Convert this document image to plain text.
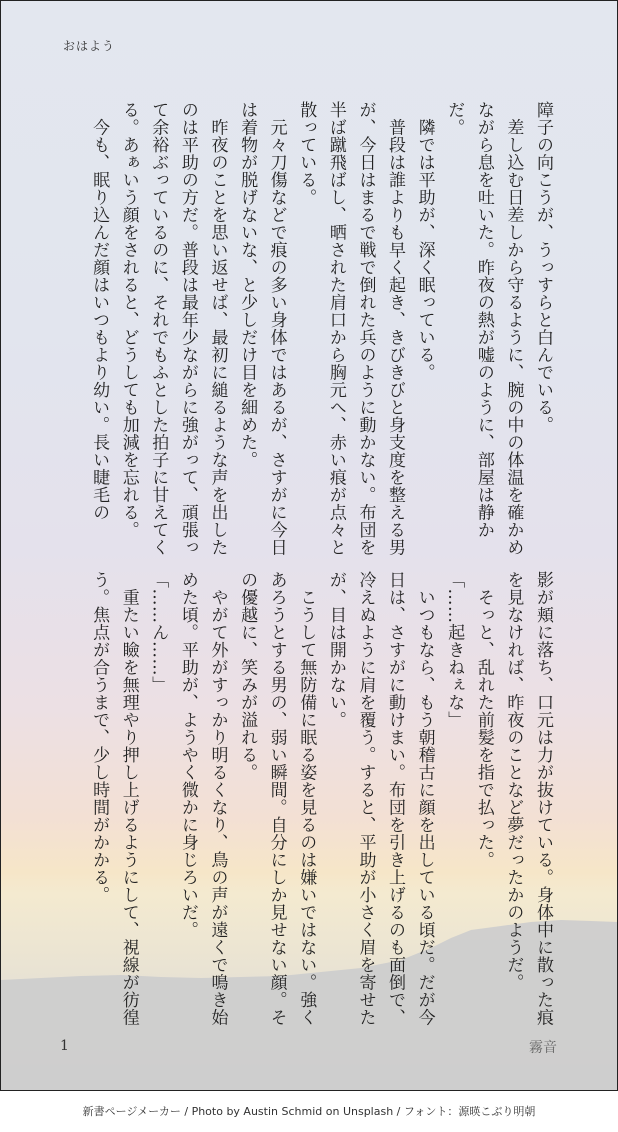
おはよう

障子の向こうが、うっすらと白んでいる。

　差し込む日差しから守るように、腕の中の体温を確かめながら息を吐いた。昨夜の熱が嘘のように、部屋は静かだ。

　隣では平助が、深く眠っている。

　普段は誰よりも早く起き、きびきびと身支度を整える男が、今日はまるで戦で倒れた兵のように動かない。布団を半ば蹴飛ばし、晒された肩口から胸元へ、赤い痕が点々と散っている。

　元々刀傷などで痕の多い身体ではあるが、さすがに今日は着物が脱げないな、と少しだけ目を細めた。

　昨夜のことを思い返せば、最初に縋るような声を出したのは平助の方だ。普段は最年少ながらに強がって、頑張って余裕ぶっているのに、それでもふとした拍子に甘えてくる。あぁいう顔をされると、どうしても加減を忘れる。

　今も、眠り込んだ顔はいつもより幼い。長い睫毛の

影が頬に落ち、口元は力が抜けている。身体中に散った痕を見なければ、昨夜のことなど夢だったかのようだ。

　そっと、乱れた前髪を指で払った。

「……起きねぇな」

　いつもなら、もう朝稽古に顔を出している頃だ。だが今日は、さすがに動けまい。布団を引き上げるのも面倒で、冷えぬように肩を覆う。すると、平助が小さく眉を寄せたが、目は開かない。

　こうして無防備に眠る姿を見るのは嫌いではない。強くあろうとする男の、弱い瞬間。自分にしか見せない顔。その優越に、笑みが溢れる。

　やがて外がすっかり明るくなり、鳥の声が遠くで鳴き始めた頃。平助が、ようやく微かに身じろいだ。

「……ん……」

　重たい瞼を無理やり押し上げるようにして、視線が彷徨う。焦点が合うまで、少し時間がかかる。

1	霧音
新書ページメーカー / Photo by Austin Schmid on Unsplash / フォント：源暎こぶり明朝
